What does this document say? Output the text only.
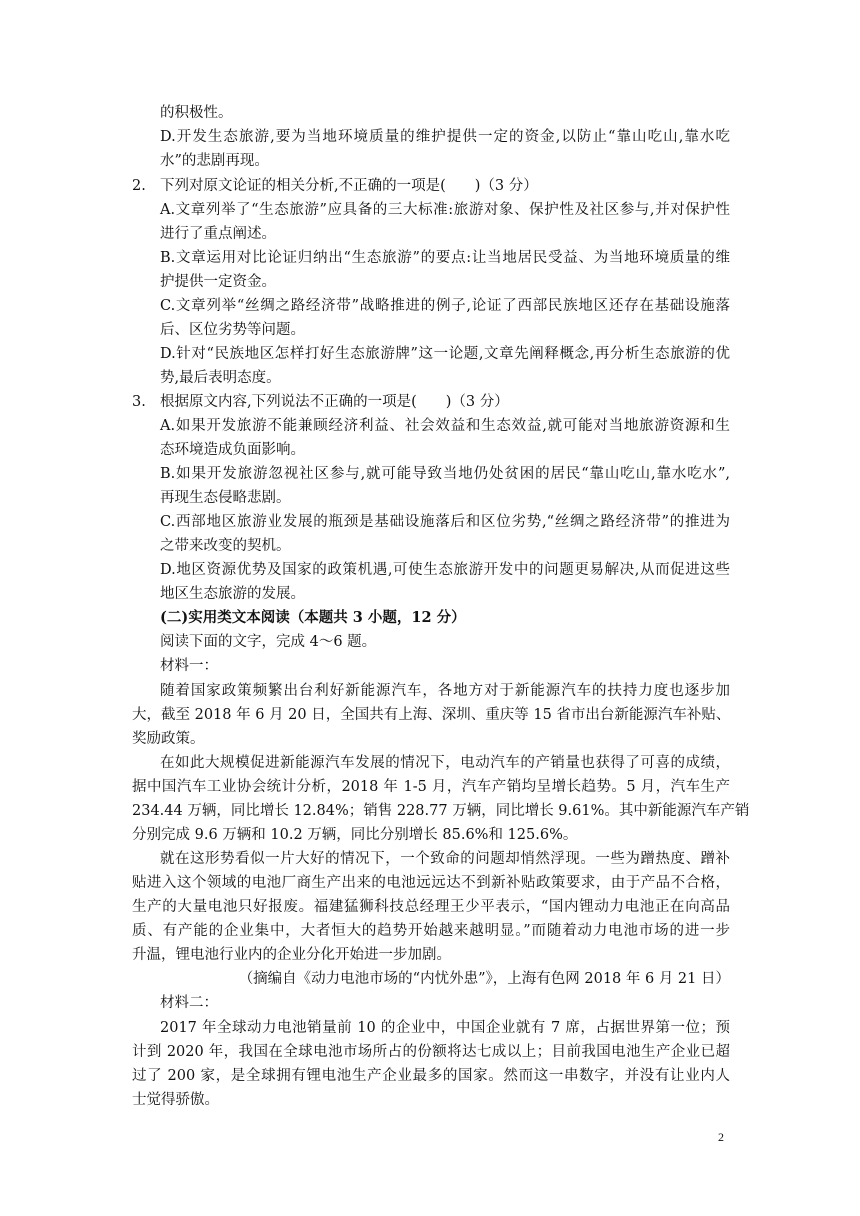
的积极性。
D.开发生态旅游,要为当地环境质量的维护提供一定的资金,以防止“靠山吃山,靠水吃
水”的悲剧再现。
2. 下列对原文论证的相关分析,不正确的一项是(　　)（3 分）
A.文章列举了“生态旅游”应具备的三大标准:旅游对象、保护性及社区参与,并对保护性
进行了重点阐述。
B.文章运用对比论证归纳出“生态旅游”的要点:让当地居民受益、为当地环境质量的维
护提供一定资金。
C.文章列举“丝绸之路经济带”战略推进的例子,论证了西部民族地区还存在基础设施落
后、区位劣势等问题。
D.针对“民族地区怎样打好生态旅游牌”这一论题,文章先阐释概念,再分析生态旅游的优
势,最后表明态度。
3. 根据原文内容,下列说法不正确的一项是(　　)（3 分）
A.如果开发旅游不能兼顾经济利益、社会效益和生态效益,就可能对当地旅游资源和生
态环境造成负面影响。
B.如果开发旅游忽视社区参与,就可能导致当地仍处贫困的居民“靠山吃山,靠水吃水”,
再现生态侵略悲剧。
C.西部地区旅游业发展的瓶颈是基础设施落后和区位劣势,“丝绸之路经济带”的推进为
之带来改变的契机。
D.地区资源优势及国家的政策机遇,可使生态旅游开发中的问题更易解决,从而促进这些
地区生态旅游的发展。
(二)实用类文本阅读（本题共 3 小题，12 分）
阅读下面的文字，完成 4～6 题。
材料一：
随着国家政策频繁出台利好新能源汽车，各地方对于新能源汽车的扶持力度也逐步加
大，截至 2018 年 6 月 20 日，全国共有上海、深圳、重庆等 15 省市出台新能源汽车补贴、
奖励政策。
在如此大规模促进新能源汽车发展的情况下，电动汽车的产销量也获得了可喜的成绩，
据中国汽车工业协会统计分析，2018 年 1-5 月，汽车产销均呈增长趋势。5 月，汽车生产
234.44 万辆，同比增长 12.84%；销售 228.77 万辆，同比增长 9.61%。其中新能源汽车产销
分别完成 9.6 万辆和 10.2 万辆，同比分别增长 85.6%和 125.6%。
就在这形势看似一片大好的情况下，一个致命的问题却悄然浮现。一些为蹭热度、蹭补
贴进入这个领域的电池厂商生产出来的电池远远达不到新补贴政策要求，由于产品不合格，
生产的大量电池只好报废。福建猛狮科技总经理王少平表示，“国内锂动力电池正在向高品
质、有产能的企业集中，大者恒大的趋势开始越来越明显。”而随着动力电池市场的进一步
升温，锂电池行业内的企业分化开始进一步加剧。
（摘编自《动力电池市场的“内忧外患”》，上海有色网 2018 年 6 月 21 日）
材料二：
2017 年全球动力电池销量前 10 的企业中，中国企业就有 7 席，占据世界第一位；预
计到 2020 年，我国在全球电池市场所占的份额将达七成以上；目前我国电池生产企业已超
过了 200 家，是全球拥有锂电池生产企业最多的国家。然而这一串数字，并没有让业内人
士觉得骄傲。
2
